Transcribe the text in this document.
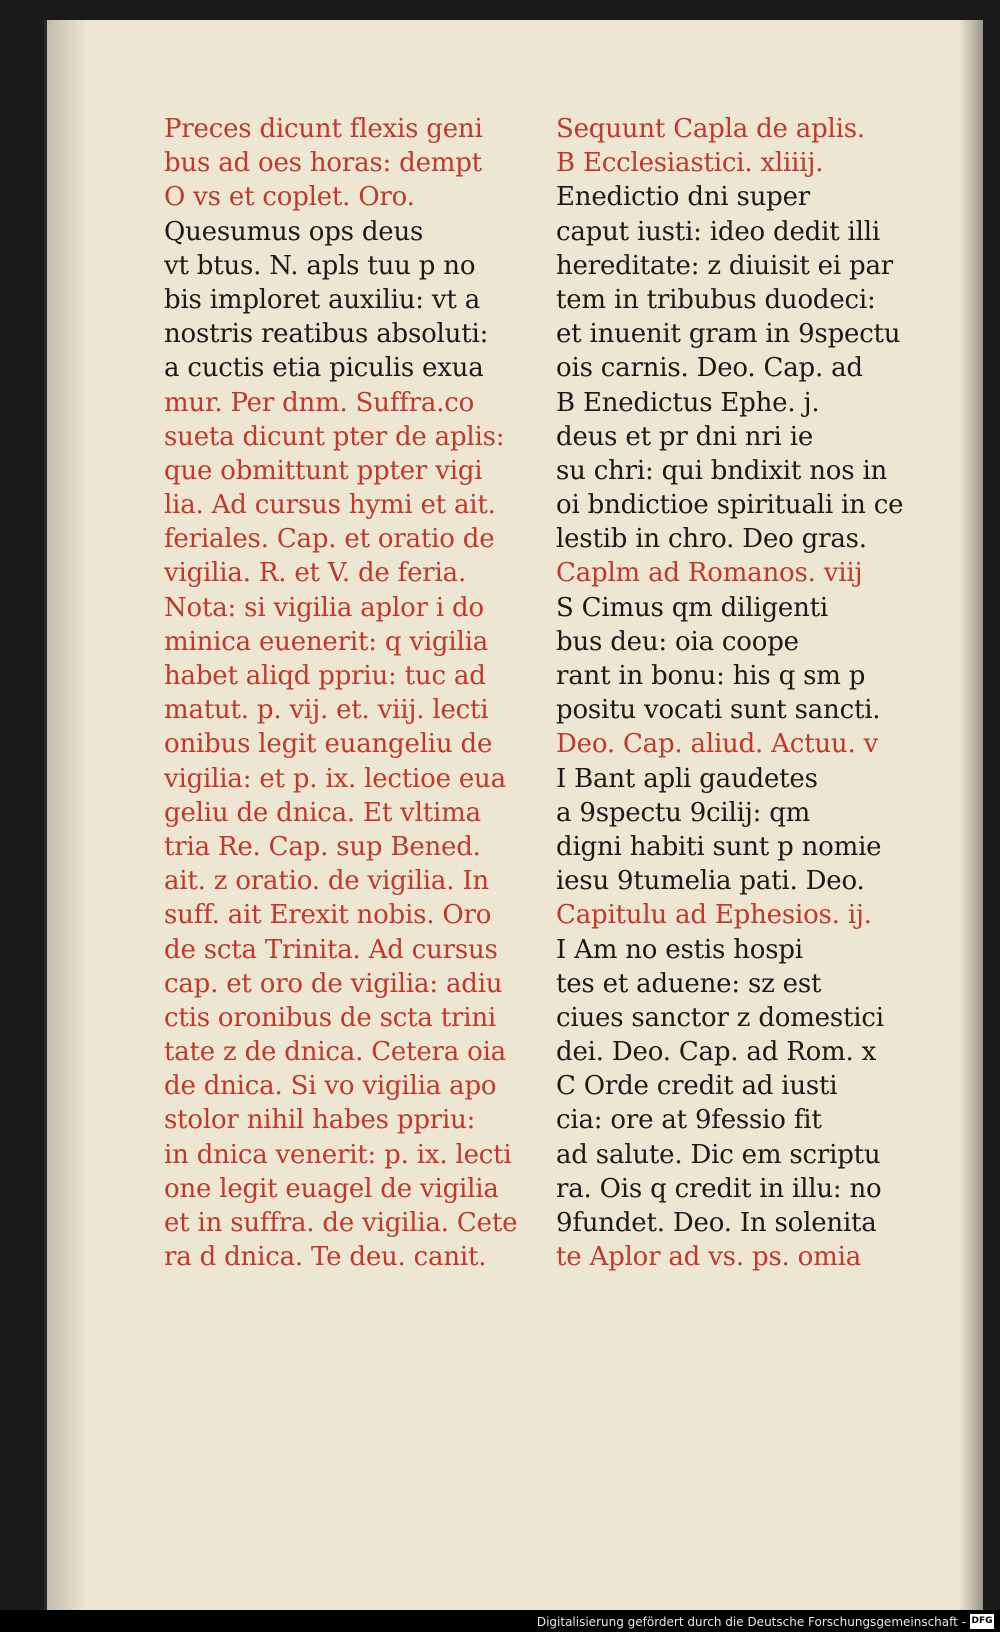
Preces dicunt flexis geni
bus ad oes horas: dempt
O vs et coplet. Oro.
Quesumus ops deus
vt btus. N. apls tuu p no
bis imploret auxiliu: vt a
nostris reatibus absoluti:
a cuctis etia piculis exua
mur. Per dnm. Suffra.co
sueta dicunt pter de aplis:
que obmittunt ppter vigi
lia. Ad cursus hymi et ait.
feriales. Cap. et oratio de
vigilia. R. et V. de feria.
Nota: si vigilia aplor i do
minica euenerit: q vigilia
habet aliqd ppriu: tuc ad
matut. p. vij. et. viij. lecti
onibus legit euangeliu de
vigilia: et p. ix. lectioe eua
geliu de dnica. Et vltima
tria Re. Cap. sup Bened.
ait. z oratio. de vigilia. In
suff. ait Erexit nobis. Oro
de scta Trinita. Ad cursus
cap. et oro de vigilia: adiu
ctis oronibus de scta trini
tate z de dnica. Cetera oia
de dnica. Si vo vigilia apo
stolor nihil habes ppriu:
in dnica venerit: p. ix. lecti
one legit euagel de vigilia
et in suffra. de vigilia. Cete
ra d dnica. Te deu. canit.
Sequunt Capla de aplis.
B Ecclesiastici. xliiij.
Enedictio dni super
caput iusti: ideo dedit illi
hereditate: z diuisit ei par
tem in tribubus duodeci:
et inuenit gram in 9spectu
ois carnis. Deo. Cap. ad
B Enedictus Ephe. j.
deus et pr dni nri ie
su chri: qui bndixit nos in
oi bndictioe spirituali in ce
lestib in chro. Deo gras.
Caplm ad Romanos. viij
S Cimus qm diligenti
bus deu: oia coope
rant in bonu: his q sm p
positu vocati sunt sancti.
Deo. Cap. aliud. Actuu. v
I Bant apli gaudetes
a 9spectu 9cilij: qm
digni habiti sunt p nomie
iesu 9tumelia pati. Deo.
Capitulu ad Ephesios. ij.
I Am no estis hospi
tes et aduene: sz est
ciues sanctor z domestici
dei. Deo. Cap. ad Rom. x
C Orde credit ad iusti
cia: ore at 9fessio fit
ad salute. Dic em scriptu
ra. Ois q credit in illu: no
9fundet. Deo. In solenita
te Aplor ad vs. ps. omia
Digitalisierung gefördert durch die Deutsche Forschungsgemeinschaft - DFG
